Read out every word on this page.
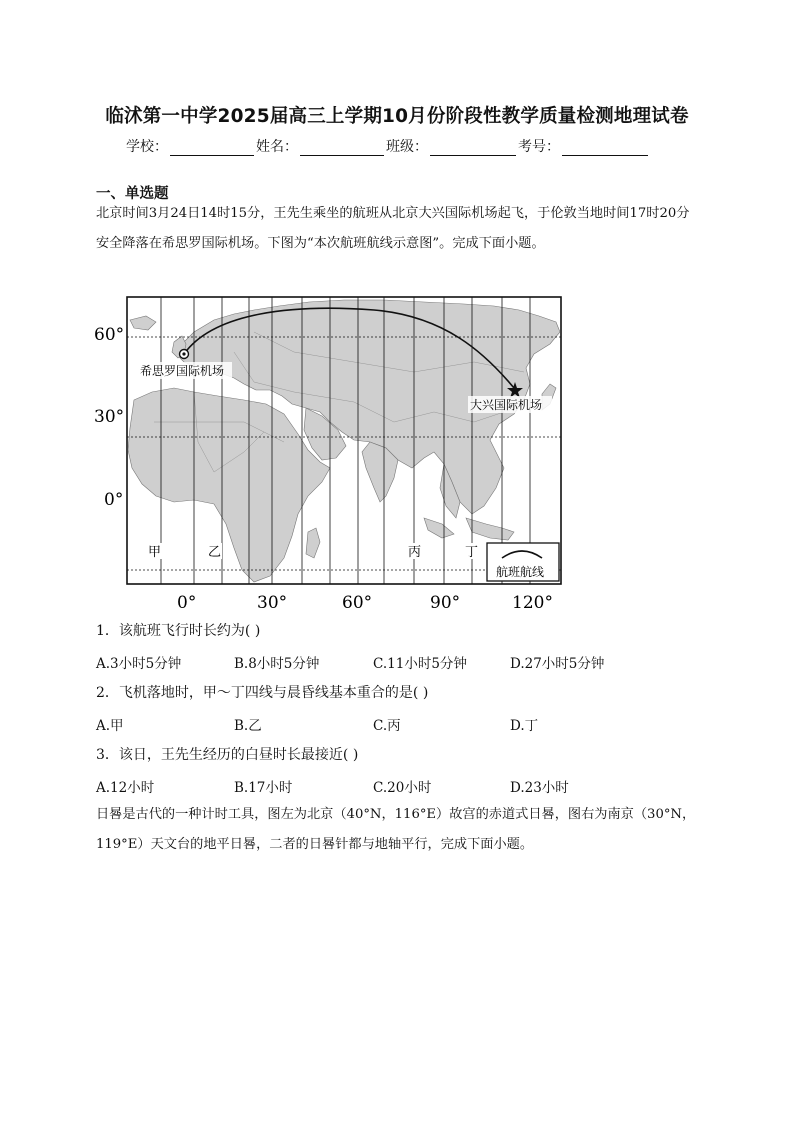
临沭第一中学2025届高三上学期10月份阶段性教学质量检测地理试卷
学校：	姓名：	班级：	考号：
一、单选题
北京时间3月24日14时15分，王先生乘坐的航班从北京大兴国际机场起飞，于伦敦当地时间17时20分安全降落在希思罗国际机场。下图为“本次航班航线示意图”。完成下面小题。
60°
30°
0°
0°	30°	60°	90°	120°
甲	乙	丙	丁
希思罗国际机场
大兴国际机场
航班航线
1．该航班飞行时长约为( )
A.3小时5分钟	B.8小时5分钟	C.11小时5分钟	D.27小时5分钟
2．飞机落地时，甲～丁四线与晨昏线基本重合的是( )
A.甲	B.乙	C.丙	D.丁
3．该日，王先生经历的白昼时长最接近( )
A.12小时	B.17小时	C.20小时	D.23小时
日晷是古代的一种计时工具，图左为北京（40°N，116°E）故宫的赤道式日晷，图右为南京（30°N，119°E）天文台的地平日晷，二者的日晷针都与地轴平行，完成下面小题。
